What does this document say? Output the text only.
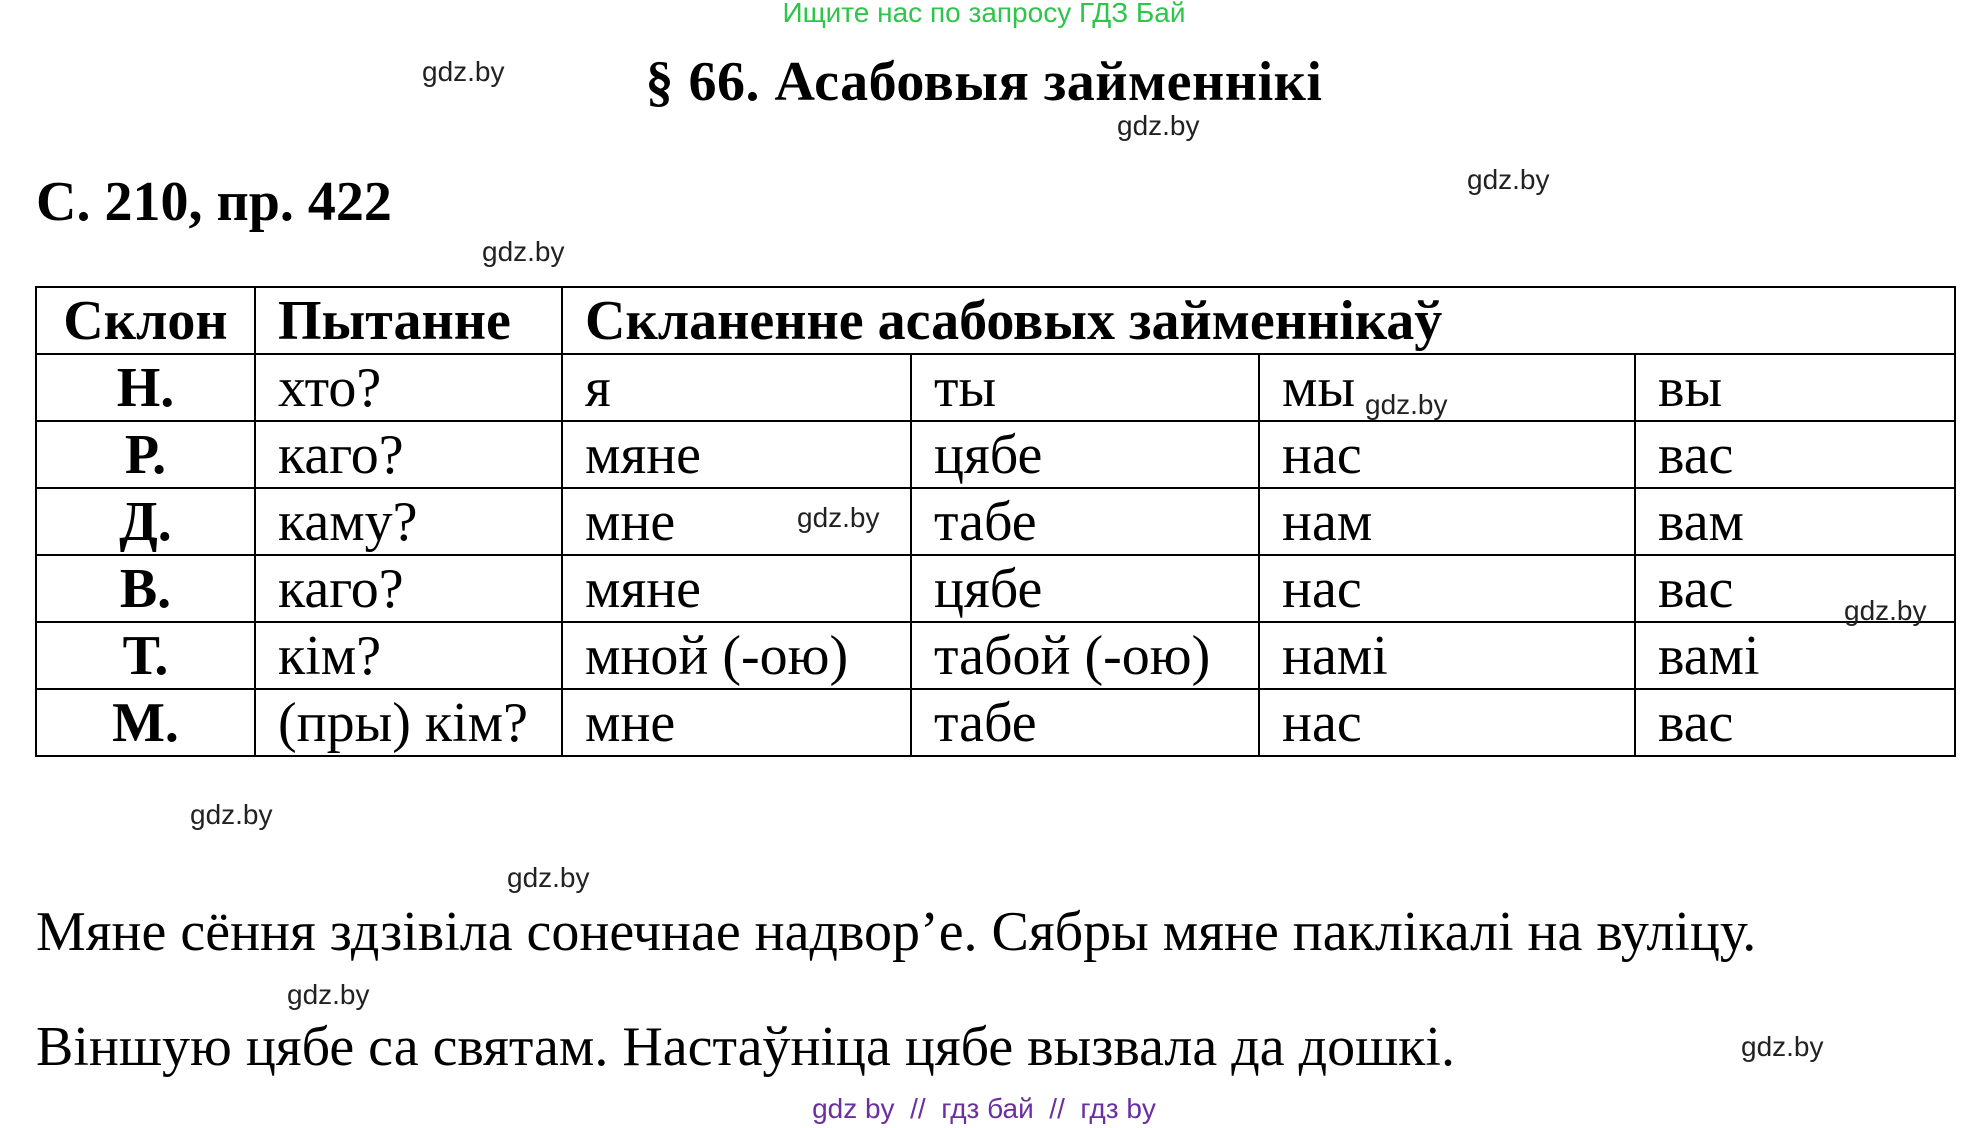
Ищите нас по запросу ГДЗ Бай
gdz.by	§ 66. Асабовыя займеннікі
gdz.by
gdz.by
С. 210, пр. 422
gdz.by
Склон	Пытанне	Скланенне асабовых займеннікаў			
Н.	хто?	я	ты	мы	вы
Р.	каго?	мяне	цябе	нас	вас
Д.	каму?	мне	табе	нам	вам
В.	каго?	мяне	цябе	нас	вас
Т.	кім?	мной (-ою)	табой (-ою)	намі	вамі
М.	(пры) кім?	мне	табе	нас	вас
gdz.by
gdz.by
gdz.by
gdz.by
gdz.by
Мяне сёння здзівіла сонечнае надвор’е. Сябры мяне паклікалі на вуліцу.
gdz.by
Віншую цябе са святам. Настаўніца цябе вызвала да дошкі.	gdz.by
gdz by  //  гдз бай  //  гдз by
